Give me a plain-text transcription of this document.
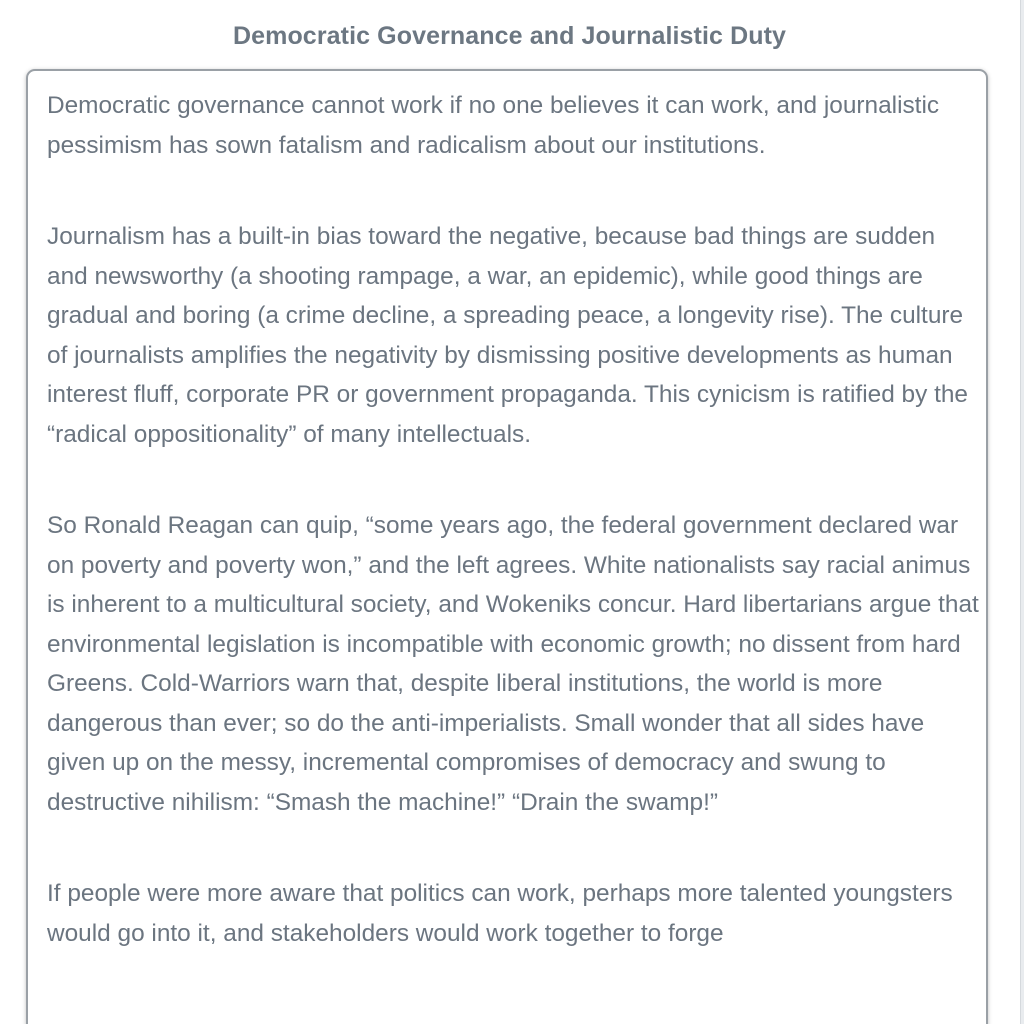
Democratic Governance and Journalistic Duty

Democratic governance cannot work if no one believes it can work, and journalistic pessimism has sown fatalism and radicalism about our institutions.

Journalism has a built-in bias toward the negative, because bad things are sudden and newsworthy (a shooting rampage, a war, an epidemic), while good things are gradual and boring (a crime decline, a spreading peace, a longevity rise). The culture of journalists amplifies the negativity by dismissing positive developments as human interest fluff, corporate PR or government propaganda. This cynicism is ratified by the “radical oppositionality” of many intellectuals.

So Ronald Reagan can quip, “some years ago, the federal government declared war on poverty and poverty won,” and the left agrees. White nationalists say racial animus is inherent to a multicultural society, and Wokeniks concur. Hard libertarians argue that environmental legislation is incompatible with economic growth; no dissent from hard Greens. Cold-Warriors warn that, despite liberal institutions, the world is more dangerous than ever; so do the anti-imperialists. Small wonder that all sides have given up on the messy, incremental compromises of democracy and swung to destructive nihilism: “Smash the machine!” “Drain the swamp!”

If people were more aware that politics can work, perhaps more talented youngsters would go into it, and stakeholders would work together to forge
